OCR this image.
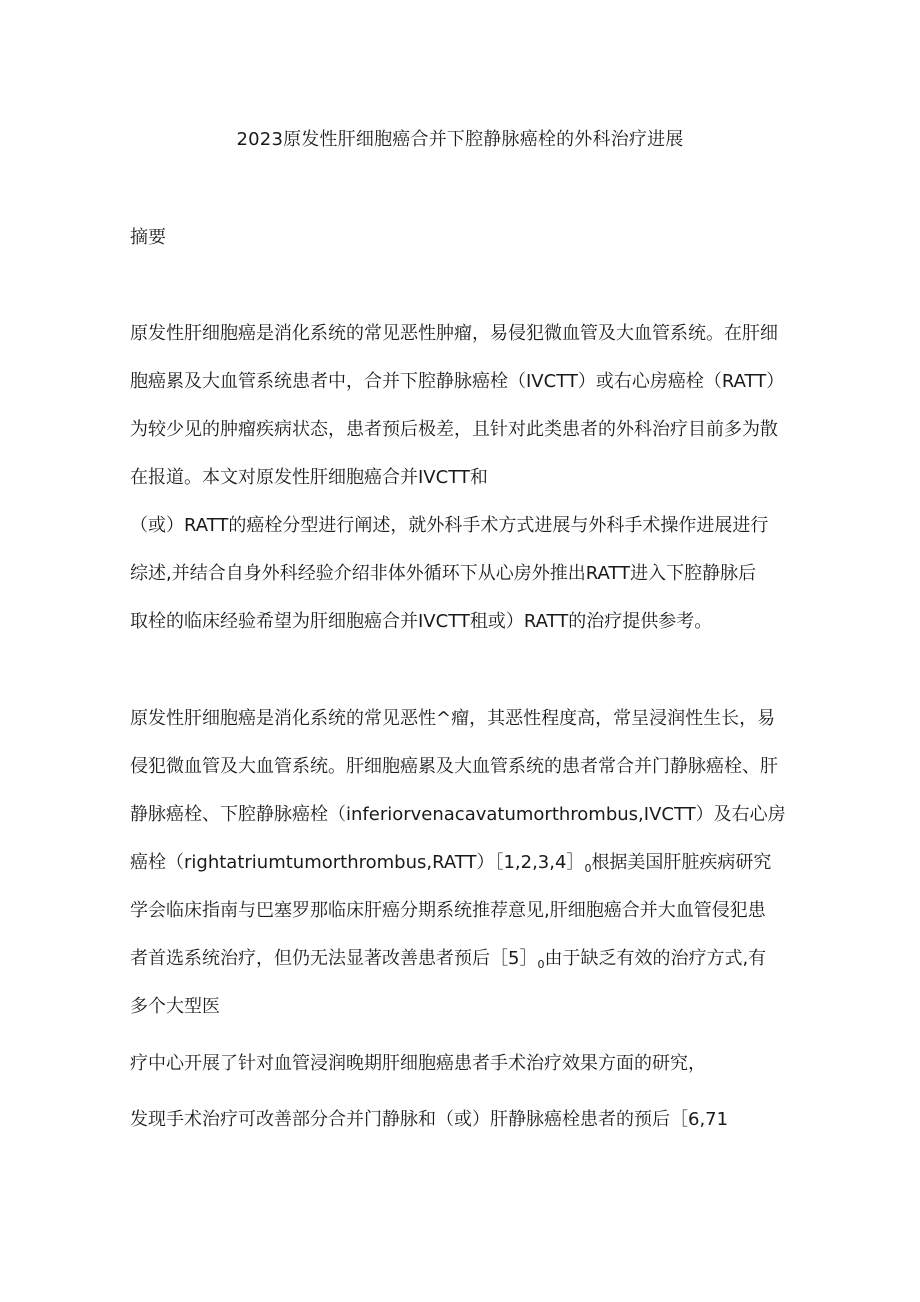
2023原发性肝细胞癌合并下腔静脉癌栓的外科治疗进展
摘要
原发性肝细胞癌是消化系统的常见恶性肿瘤，易侵犯微血管及大血管系统。在肝细
胞癌累及大血管系统患者中，合并下腔静脉癌栓（IVCTT）或右心房癌栓（RATT）
为较少见的肿瘤疾病状态，患者预后极差，且针对此类患者的外科治疗目前多为散
在报道。本文对原发性肝细胞癌合并IVCTT和
（或）RATT的癌栓分型进行阐述，就外科手术方式进展与外科手术操作进展进行
综述,并结合自身外科经验介绍非体外循环下从心房外推出RATT进入下腔静脉后
取栓的临床经验希望为肝细胞癌合并IVCTT租或）RATT的治疗提供参考。
原发性肝细胞癌是消化系统的常见恶性^瘤，其恶性程度高，常呈浸润性生长，易
侵犯微血管及大血管系统。肝细胞癌累及大血管系统的患者常合并门静脉癌栓、肝
静脉癌栓、下腔静脉癌栓（inferiorvenacavatumorthrombus,IVCTT）及右心房
癌栓$(rightatriumtumorthrombus,RATT)[1,2,3,4]_0$根据美国肝脏疾病研究
学会临床指南与巴塞罗那临床肝癌分期系统推荐意见,肝细胞癌合并大血管侵犯患
者首选系统治疗，但仍无法显著改善患者预后$[5]_0$由于缺乏有效的治疗方式,有
多个大型医
疗中心开展了针对血管浸润晚期肝细胞癌患者手术治疗效果方面的研究，
发现手术治疗可改善部分合并门静脉和（或）肝静脉癌栓患者的预后［6,71
